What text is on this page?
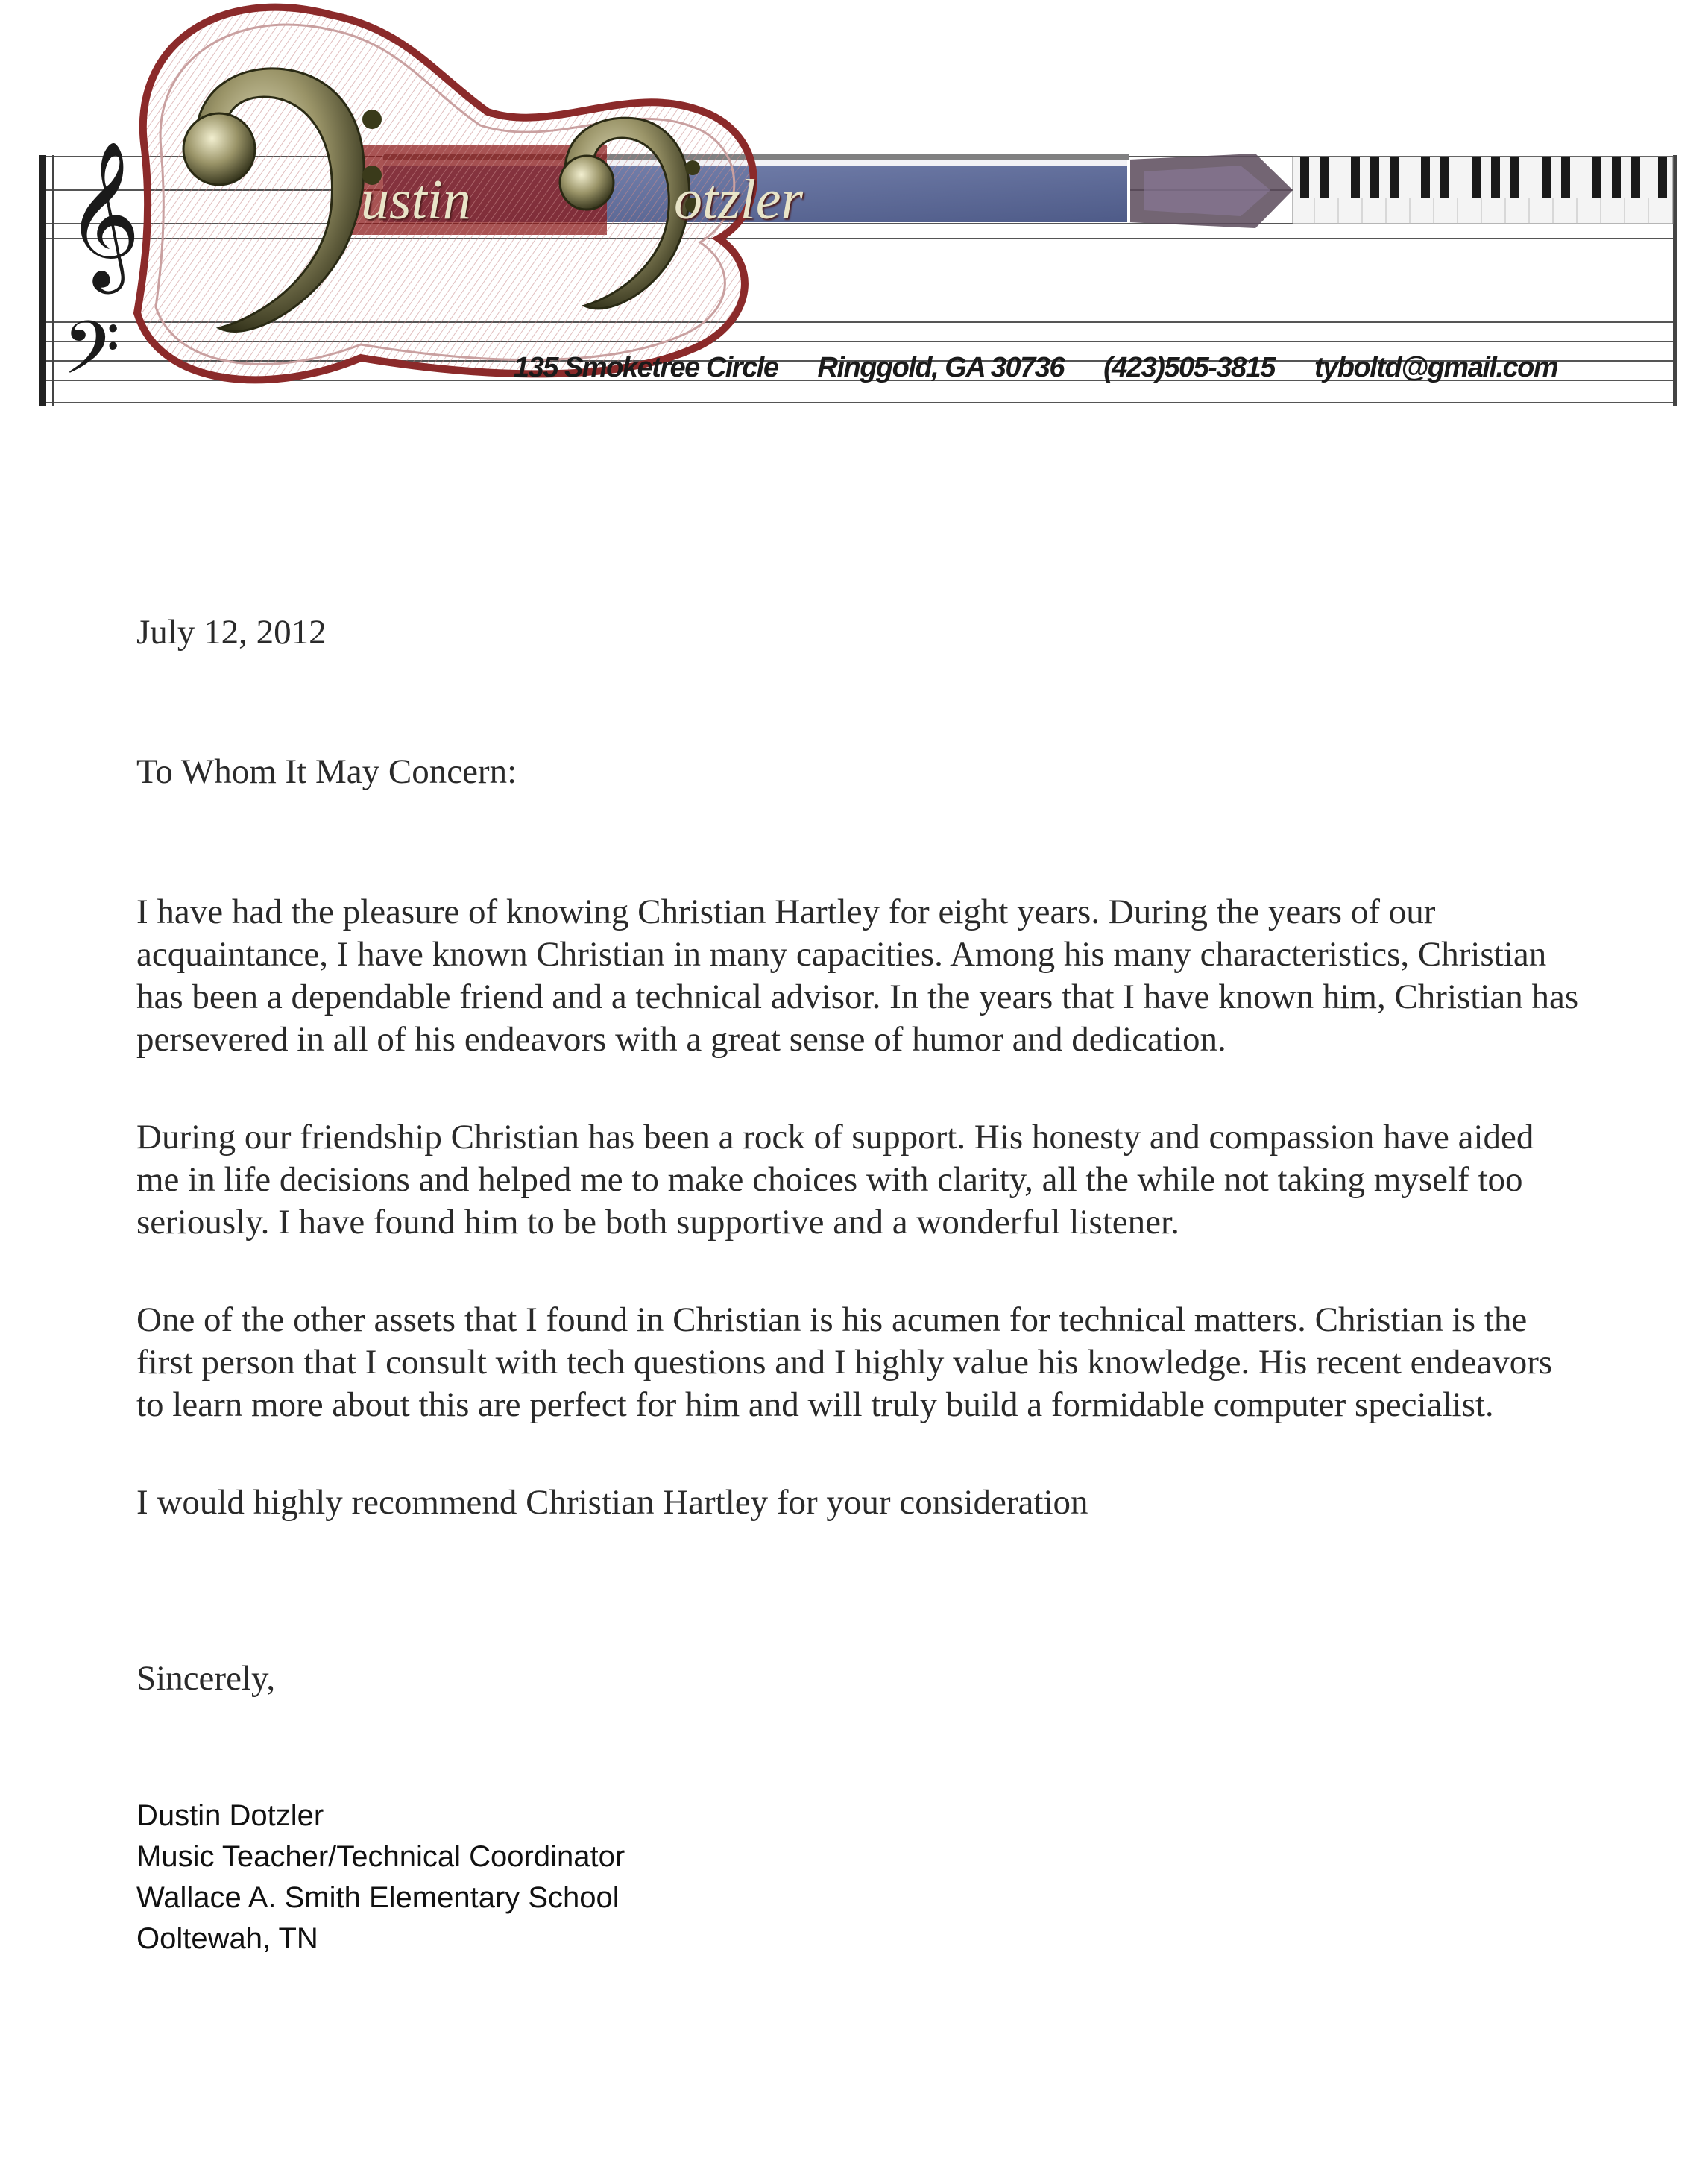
𝄞
𝄢
ustin	otzler
135 Smoketree Circle Ringgold, GA 30736 (423)505-3815 tyboltd@gmail.com

July 12, 2012

To Whom It May Concern:

I have had the pleasure of knowing Christian Hartley for eight years. During the years of our acquaintance, I have known Christian in many capacities. Among his many characteristics, Christian has been a dependable friend and a technical advisor. In the years that I have known him, Christian has persevered in all of his endeavors with a great sense of humor and dedication.

During our friendship Christian has been a rock of support. His honesty and compassion have aided me in life decisions and helped me to make choices with clarity, all the while not taking myself too seriously. I have found him to be both supportive and a wonderful listener.

One of the other assets that I found in Christian is his acumen for technical matters. Christian is the first person that I consult with tech questions and I highly value his knowledge. His recent endeavors to learn more about this are perfect for him and will truly build a formidable computer specialist.

I would highly recommend Christian Hartley for your consideration

Sincerely,

Dustin Dotzler
Music Teacher/Technical Coordinator
Wallace A. Smith Elementary School
Ooltewah, TN
